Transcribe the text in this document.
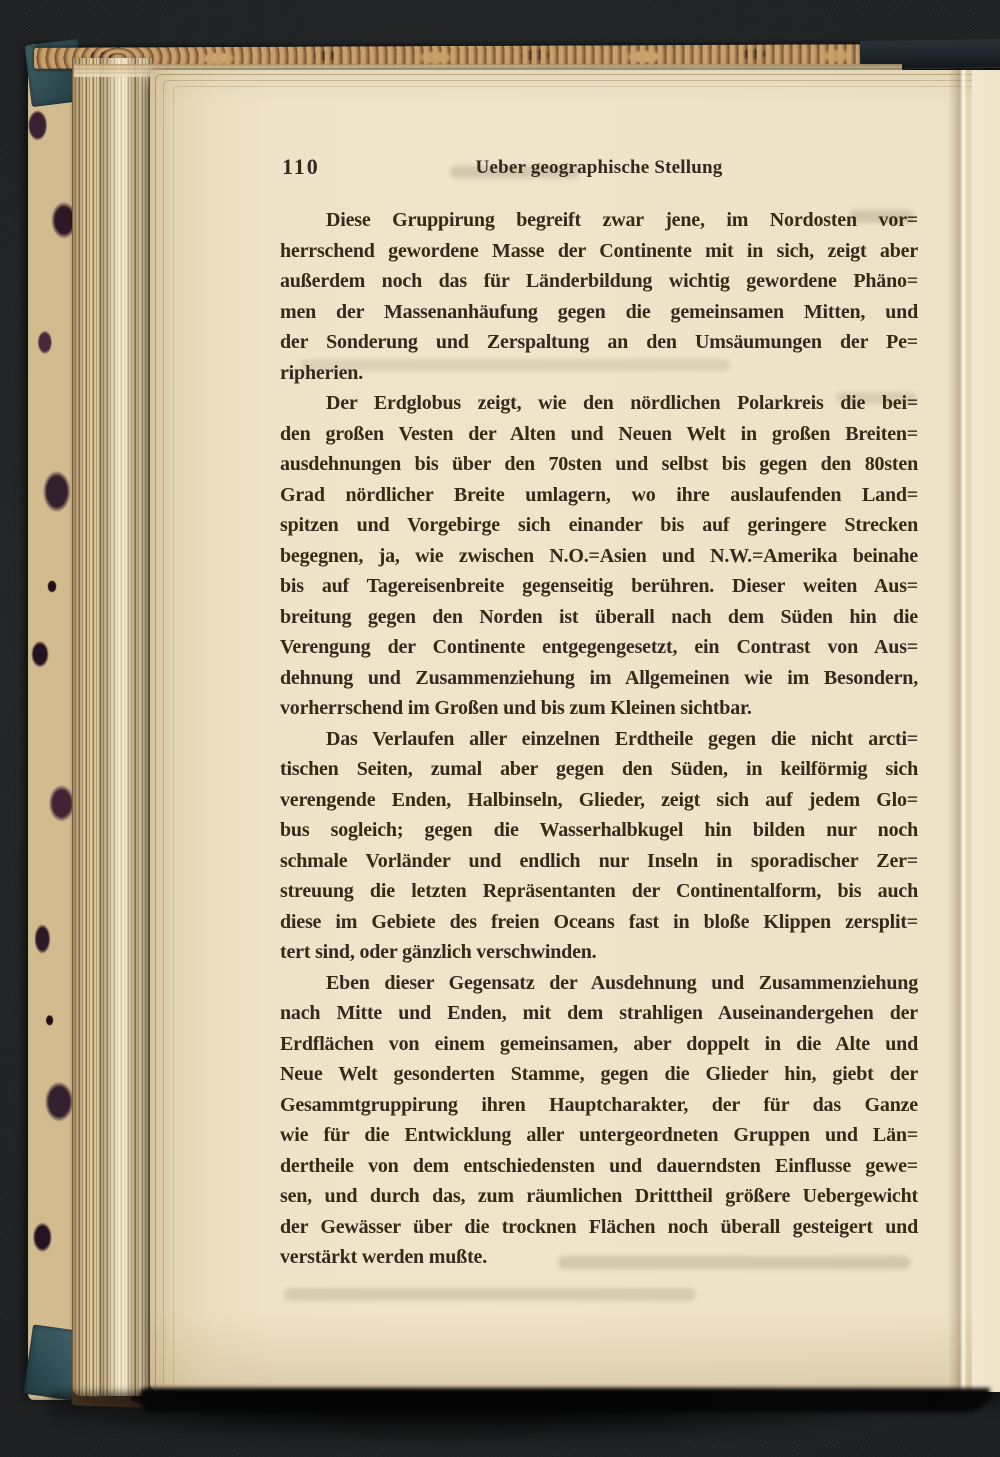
110	Ueber geographische Stellung
Diese Gruppirung begreift zwar jene, im Nordosten vor=
herrschend gewordene Masse der Continente mit in sich, zeigt aber
außerdem noch das für Länderbildung wichtig gewordene Phäno=
men der Massenanhäufung gegen die gemeinsamen Mitten, und
der Sonderung und Zerspaltung an den Umsäumungen der Pe=
ripherien.
Der Erdglobus zeigt, wie den nördlichen Polarkreis die bei=
den großen Vesten der Alten und Neuen Welt in großen Breiten=
ausdehnungen bis über den 70sten und selbst bis gegen den 80sten
Grad nördlicher Breite umlagern, wo ihre auslaufenden Land=
spitzen und Vorgebirge sich einander bis auf geringere Strecken
begegnen, ja, wie zwischen N.O.=Asien und N.W.=Amerika beinahe
bis auf Tagereisenbreite gegenseitig berühren. Dieser weiten Aus=
breitung gegen den Norden ist überall nach dem Süden hin die
Verengung der Continente entgegengesetzt, ein Contrast von Aus=
dehnung und Zusammenziehung im Allgemeinen wie im Besondern,
vorherrschend im Großen und bis zum Kleinen sichtbar.
Das Verlaufen aller einzelnen Erdtheile gegen die nicht arcti=
tischen Seiten, zumal aber gegen den Süden, in keilförmig sich
verengende Enden, Halbinseln, Glieder, zeigt sich auf jedem Glo=
bus sogleich; gegen die Wasserhalbkugel hin bilden nur noch
schmale Vorländer und endlich nur Inseln in sporadischer Zer=
streuung die letzten Repräsentanten der Continentalform, bis auch
diese im Gebiete des freien Oceans fast in bloße Klippen zersplit=
tert sind, oder gänzlich verschwinden.
Eben dieser Gegensatz der Ausdehnung und Zusammenziehung
nach Mitte und Enden, mit dem strahligen Auseinandergehen der
Erdflächen von einem gemeinsamen, aber doppelt in die Alte und
Neue Welt gesonderten Stamme, gegen die Glieder hin, giebt der
Gesammtgruppirung ihren Hauptcharakter, der für das Ganze
wie für die Entwicklung aller untergeordneten Gruppen und Län=
dertheile von dem entschiedensten und dauerndsten Einflusse gewe=
sen, und durch das, zum räumlichen Dritttheil größere Uebergewicht
der Gewässer über die trocknen Flächen noch überall gesteigert und
verstärkt werden mußte.
